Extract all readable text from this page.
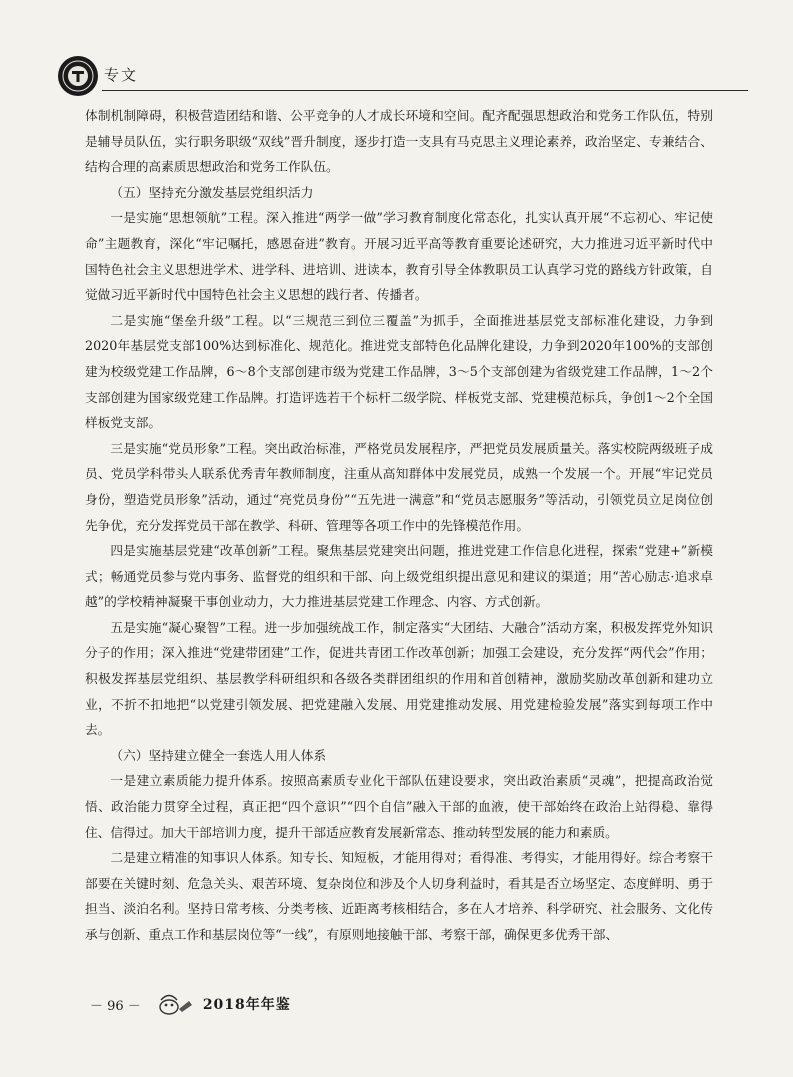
专文

体制机制障碍，积极营造团结和谐、公平竞争的人才成长环境和空间。配齐配强思想政治和党务工作队伍，特别是辅导员队伍，实行职务职级“双线”晋升制度，逐步打造一支具有马克思主义理论素养，政治坚定、专兼结合、结构合理的高素质思想政治和党务工作队伍。

（五）坚持充分激发基层党组织活力

一是实施“思想领航”工程。深入推进“两学一做”学习教育制度化常态化，扎实认真开展“不忘初心、牢记使命”主题教育，深化“牢记嘱托，感恩奋进”教育。开展习近平高等教育重要论述研究，大力推进习近平新时代中国特色社会主义思想进学术、进学科、进培训、进读本，教育引导全体教职员工认真学习党的路线方针政策，自觉做习近平新时代中国特色社会主义思想的践行者、传播者。

二是实施“堡垒升级”工程。以“三规范三到位三覆盖”为抓手，全面推进基层党支部标准化建设，力争到2020年基层党支部100%达到标准化、规范化。推进党支部特色化品牌化建设，力争到2020年100%的支部创建为校级党建工作品牌，6～8个支部创建市级为党建工作品牌，3～5个支部创建为省级党建工作品牌，1～2个支部创建为国家级党建工作品牌。打造评选若干个标杆二级学院、样板党支部、党建模范标兵，争创1～2个全国样板党支部。

三是实施“党员形象”工程。突出政治标准，严格党员发展程序，严把党员发展质量关。落实校院两级班子成员、党员学科带头人联系优秀青年教师制度，注重从高知群体中发展党员，成熟一个发展一个。开展“牢记党员身份，塑造党员形象”活动，通过“亮党员身份”“五先进一满意”和“党员志愿服务”等活动，引领党员立足岗位创先争优，充分发挥党员干部在教学、科研、管理等各项工作中的先锋模范作用。

四是实施基层党建“改革创新”工程。聚焦基层党建突出问题，推进党建工作信息化进程，探索“党建+”新模式；畅通党员参与党内事务、监督党的组织和干部、向上级党组织提出意见和建议的渠道；用“苦心励志·追求卓越”的学校精神凝聚干事创业动力，大力推进基层党建工作理念、内容、方式创新。

五是实施“凝心聚智”工程。进一步加强统战工作，制定落实“大团结、大融合”活动方案，积极发挥党外知识分子的作用；深入推进“党建带团建”工作，促进共青团工作改革创新；加强工会建设，充分发挥“两代会”作用；积极发挥基层党组织、基层教学科研组织和各级各类群团组织的作用和首创精神，激励奖励改革创新和建功立业，不折不扣地把“以党建引领发展、把党建融入发展、用党建推动发展、用党建检验发展”落实到每项工作中去。

（六）坚持建立健全一套选人用人体系

一是建立素质能力提升体系。按照高素质专业化干部队伍建设要求，突出政治素质“灵魂”，把提高政治觉悟、政治能力贯穿全过程，真正把“四个意识”“四个自信”融入干部的血液，使干部始终在政治上站得稳、靠得住、信得过。加大干部培训力度，提升干部适应教育发展新常态、推动转型发展的能力和素质。

二是建立精准的知事识人体系。知专长、知短板，才能用得对；看得准、考得实，才能用得好。综合考察干部要在关键时刻、危急关头、艰苦环境、复杂岗位和涉及个人切身利益时，看其是否立场坚定、态度鲜明、勇于担当、淡泊名利。坚持日常考核、分类考核、近距离考核相结合，多在人才培养、科学研究、社会服务、文化传承与创新、重点工作和基层岗位等“一线”，有原则地接触干部、考察干部，确保更多优秀干部、

－ 96 －	2018年年鉴
